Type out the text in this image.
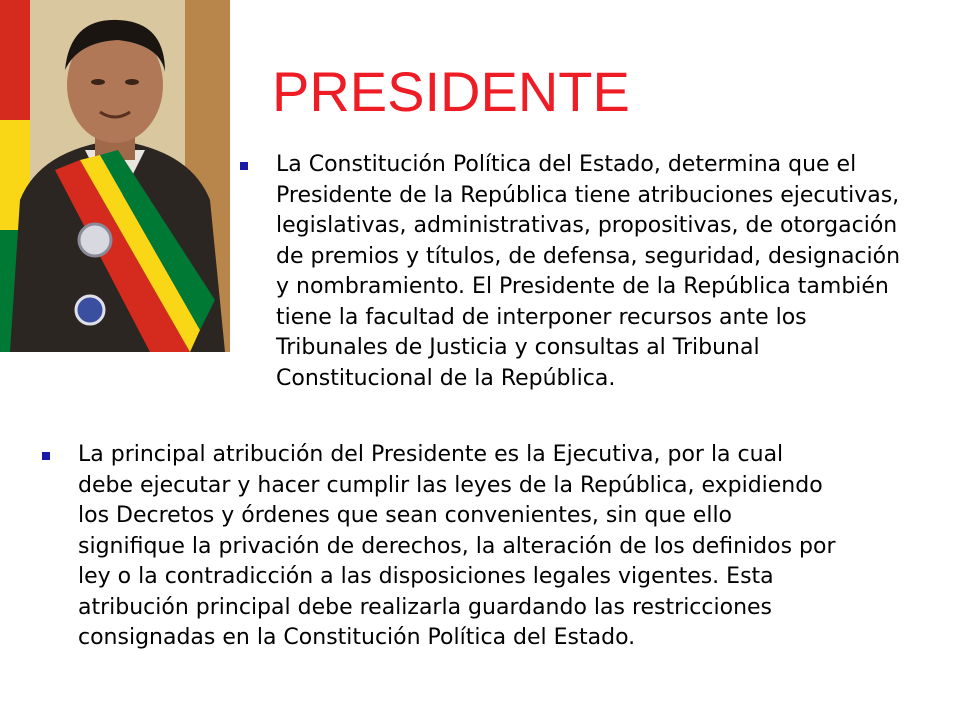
PRESIDENTE
La Constitución Política del Estado, determina que el Presidente de la República tiene atribuciones ejecutivas, legislativas, administrativas, propositivas, de otorgación de premios y títulos, de defensa, seguridad, designación y nombramiento. El Presidente de la República también tiene la facultad de interponer recursos ante los Tribunales de Justicia y consultas al Tribunal Constitucional de la República.
La principal atribución del Presidente es la Ejecutiva, por la cual debe ejecutar y hacer cumplir las leyes de la República, expidiendo los Decretos y órdenes que sean convenientes, sin que ello signifique la privación de derechos, la alteración de los definidos por ley o la contradicción a las disposiciones legales vigentes. Esta atribución principal debe realizarla guardando las restricciones consignadas en la Constitución Política del Estado.
